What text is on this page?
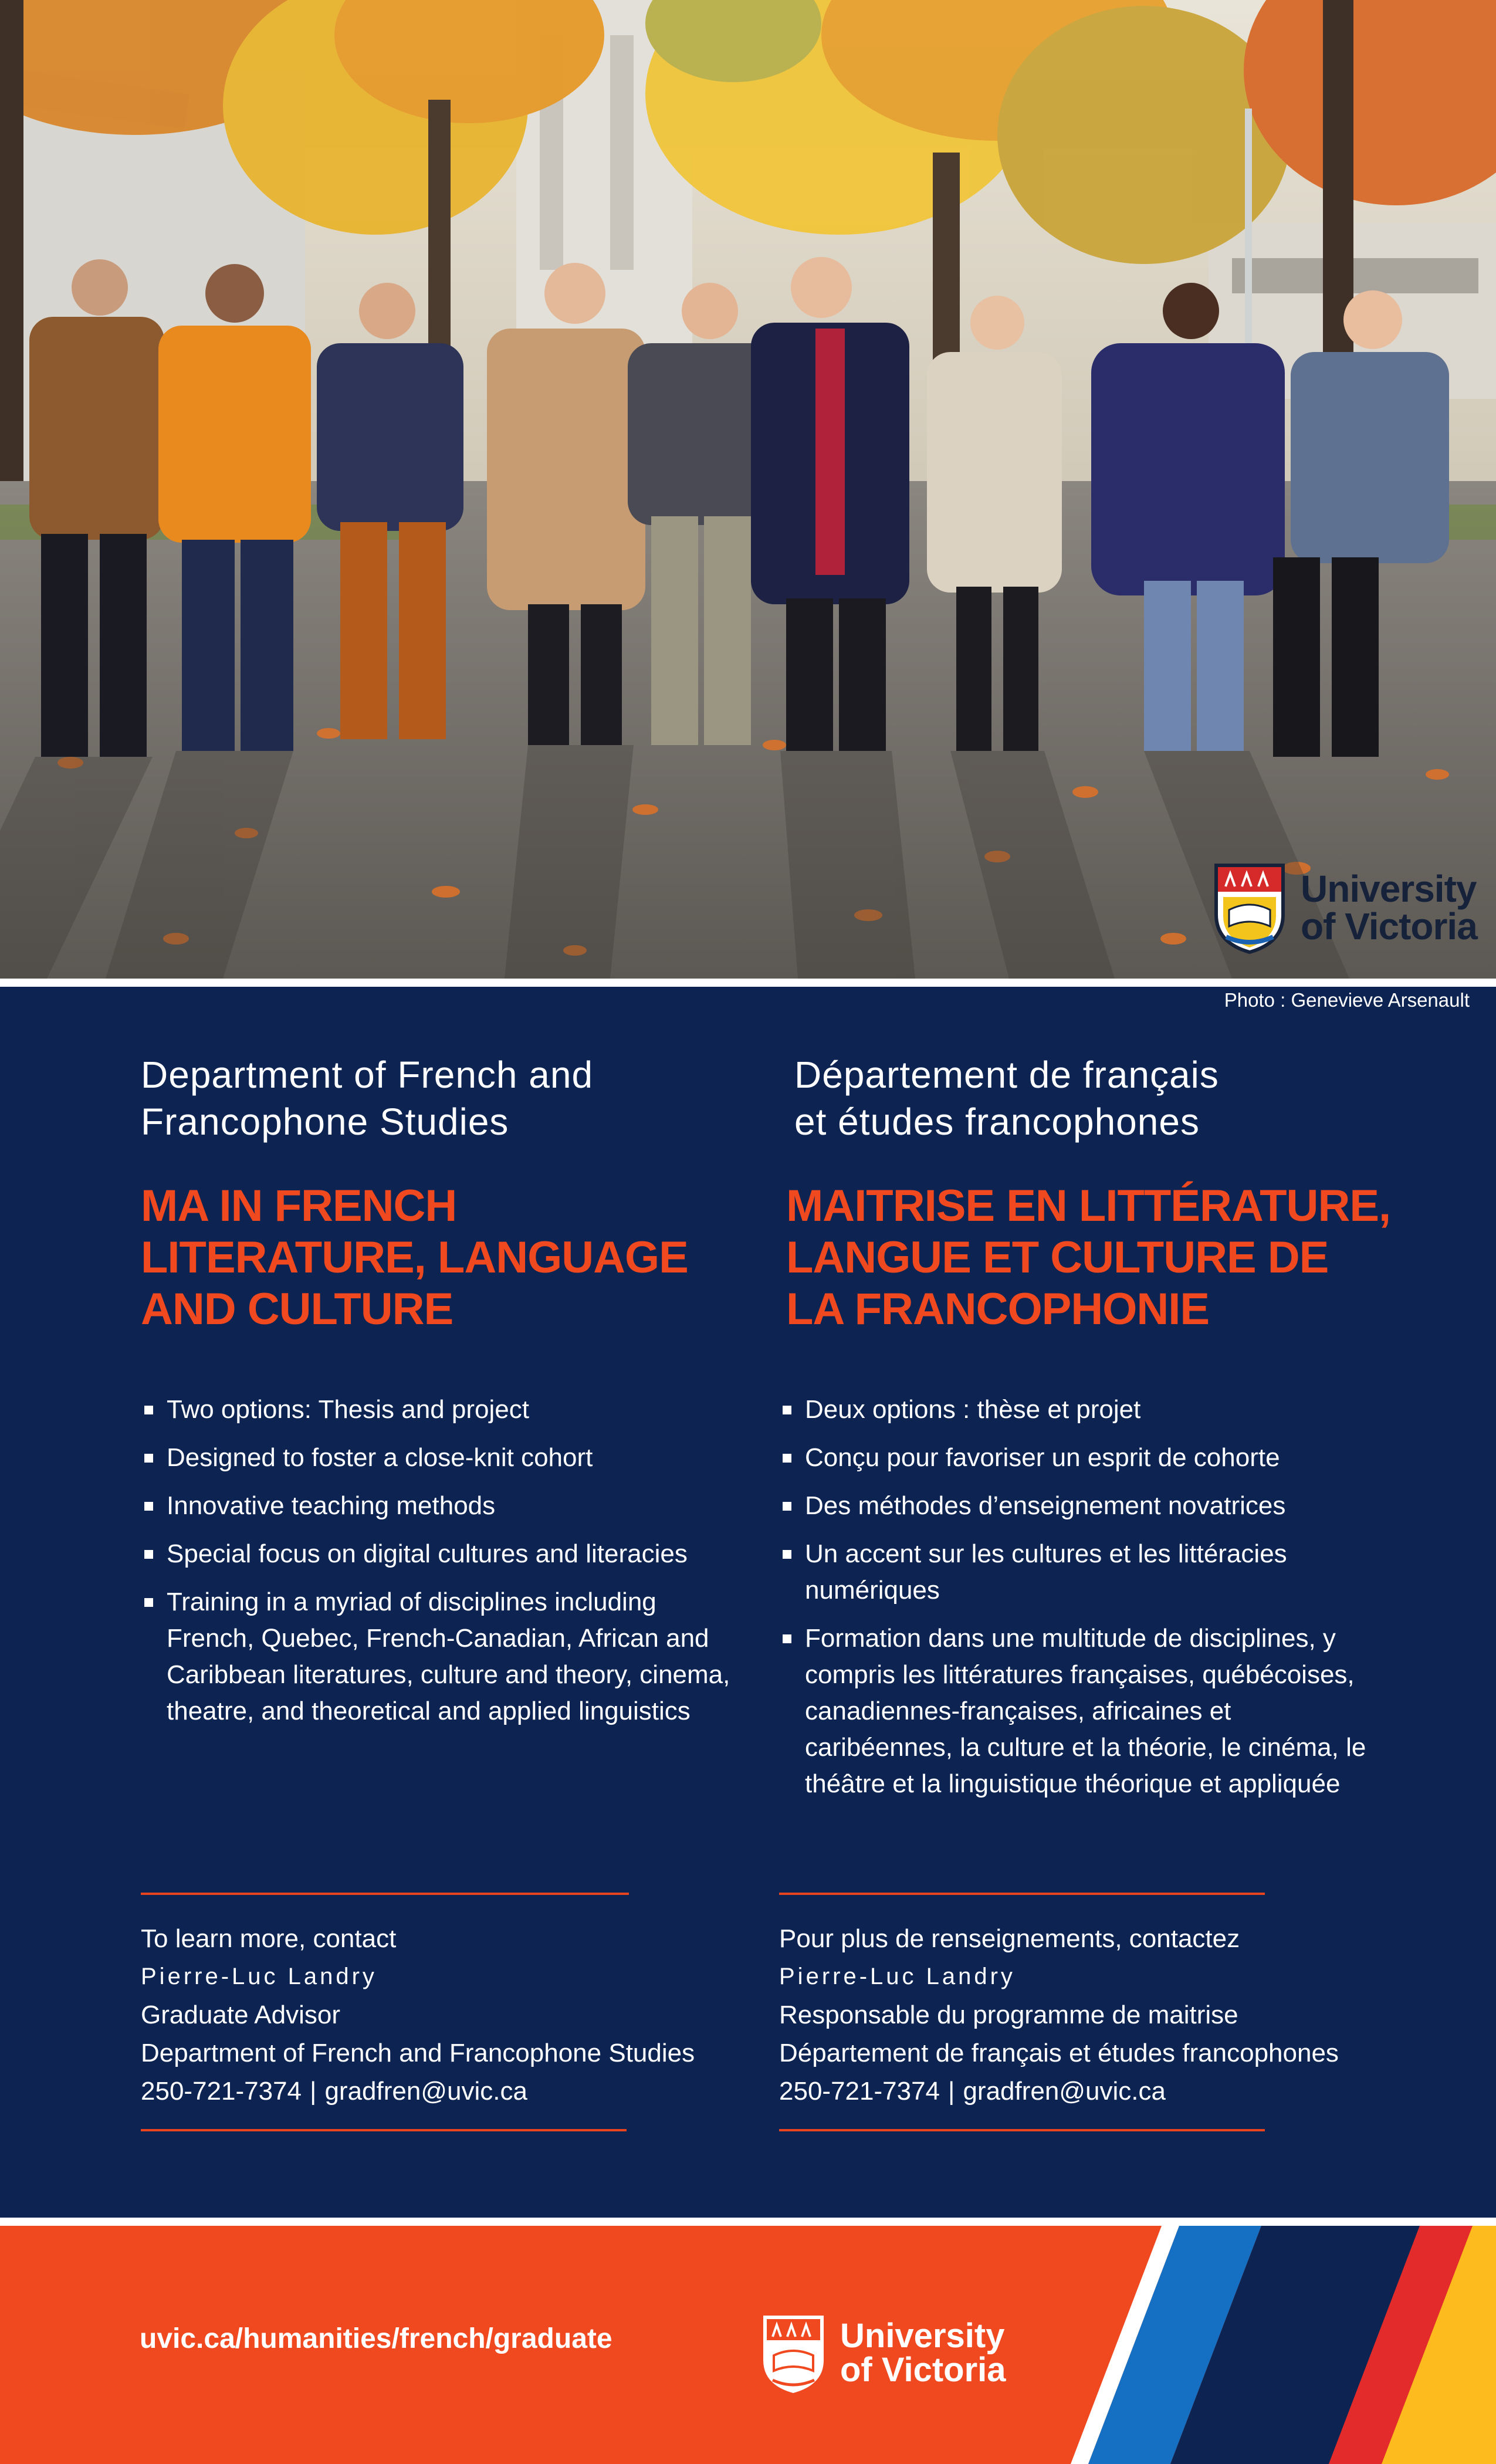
University
of Victoria
Photo : Genevieve Arsenault
Department of French and
Francophone Studies
MA IN FRENCH
LITERATURE, LANGUAGE
AND CULTURE
Two options: Thesis and project
Designed to foster a close-knit cohort
Innovative teaching methods
Special focus on digital cultures and literacies
Training in a myriad of disciplines including French, Quebec, French-Canadian, African and Caribbean literatures, culture and theory, cinema, theatre, and theoretical and applied linguistics
To learn more, contact
Pierre-Luc Landry
Graduate Advisor
Department of French and Francophone Studies
250-721-7374 | gradfren@uvic.ca
Département de français
et études francophones
MAITRISE EN LITTÉRATURE,
LANGUE ET CULTURE DE
LA FRANCOPHONIE
Deux options : thèse et projet
Conçu pour favoriser un esprit de cohorte
Des méthodes d’enseignement novatrices
Un accent sur les cultures et les littéracies numériques
Formation dans une multitude de disciplines, y compris les littératures françaises, québécoises, canadiennes-françaises, africaines et caribéennes, la culture et la théorie, le cinéma, le théâtre et la linguistique théorique et appliquée
Pour plus de renseignements, contactez
Pierre-Luc Landry
Responsable du programme de maitrise
Département de français et études francophones
250-721-7374 | gradfren@uvic.ca
uvic.ca/humanities/french/graduate	University
of Victoria
